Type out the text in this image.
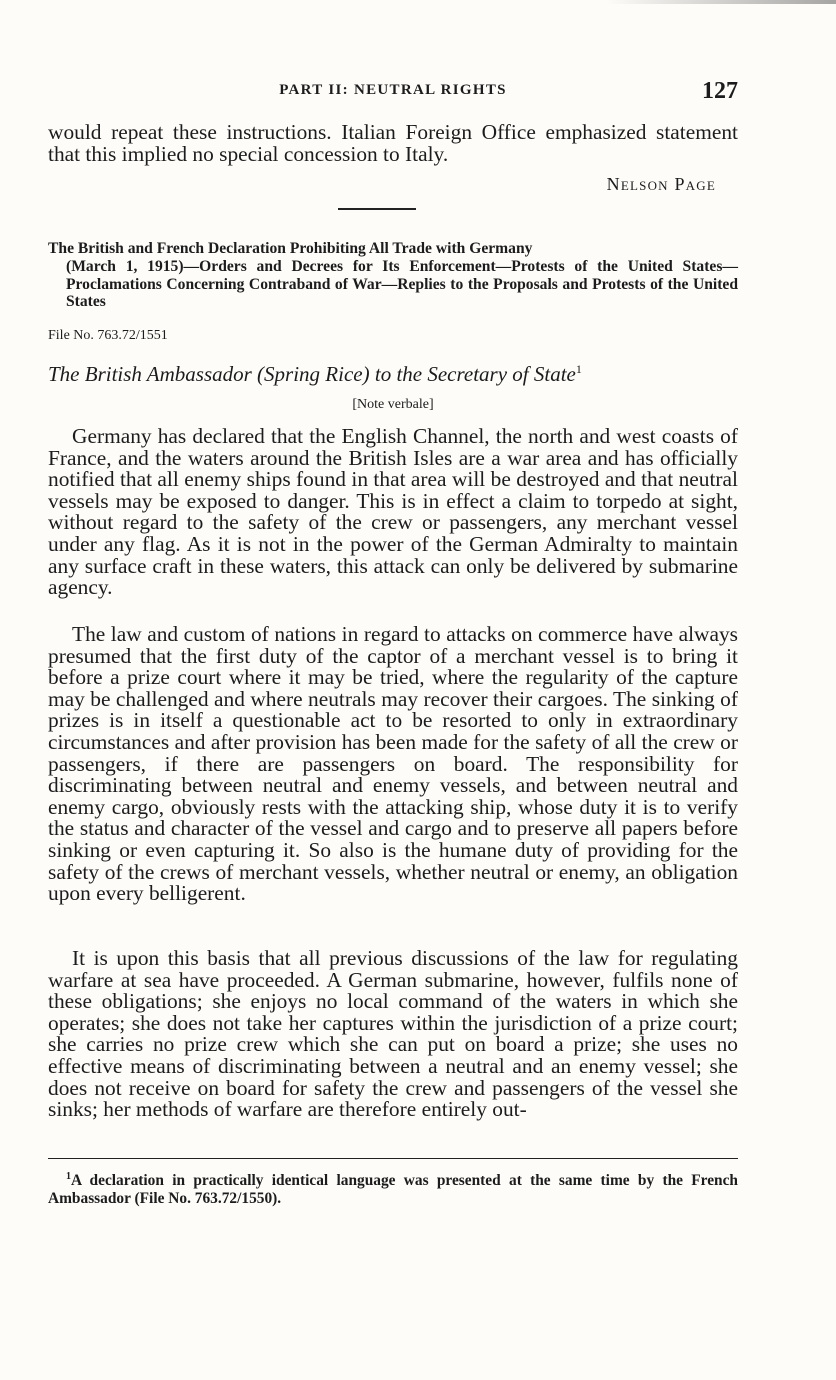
PART II: NEUTRAL RIGHTS	127
would repeat these instructions. Italian Foreign Office emphasized statement that this implied no special concession to Italy.
Nelson Page
The British and French Declaration Prohibiting All Trade with Germany
(March 1, 1915)—Orders and Decrees for Its Enforcement—Protests of the United States—Proclamations Concerning Contraband of War—Replies to the Proposals and Protests of the United States
File No. 763.72/1551
The British Ambassador (Spring Rice) to the Secretary of State$^1$
[Note verbale]

Germany has declared that the English Channel, the north and west coasts of France, and the waters around the British Isles are a war area and has officially notified that all enemy ships found in that area will be destroyed and that neutral vessels may be exposed to danger. This is in effect a claim to torpedo at sight, without regard to the safety of the crew or passengers, any merchant vessel under any flag. As it is not in the power of the German Admiralty to maintain any surface craft in these waters, this attack can only be delivered by submarine agency.

The law and custom of nations in regard to attacks on commerce have always presumed that the first duty of the captor of a merchant vessel is to bring it before a prize court where it may be tried, where the regularity of the capture may be challenged and where neutrals may recover their cargoes. The sinking of prizes is in itself a questionable act to be resorted to only in extraordinary circumstances and after provision has been made for the safety of all the crew or passengers, if there are passengers on board. The responsibility for discriminating between neutral and enemy vessels, and between neutral and enemy cargo, obviously rests with the attacking ship, whose duty it is to verify the status and character of the vessel and cargo and to preserve all papers before sinking or even capturing it. So also is the humane duty of providing for the safety of the crews of merchant vessels, whether neutral or enemy, an obligation upon every belligerent.

It is upon this basis that all previous discussions of the law for regulating warfare at sea have proceeded. A German submarine, however, fulfils none of these obligations; she enjoys no local command of the waters in which she operates; she does not take her captures within the jurisdiction of a prize court; she carries no prize crew which she can put on board a prize; she uses no effective means of discriminating between a neutral and an enemy vessel; she does not receive on board for safety the crew and passengers of the vessel she sinks; her methods of warfare are therefore entirely out-

$^1$A declaration in practically identical language was presented at the same time by the French Ambassador (File No. 763.72/1550).
